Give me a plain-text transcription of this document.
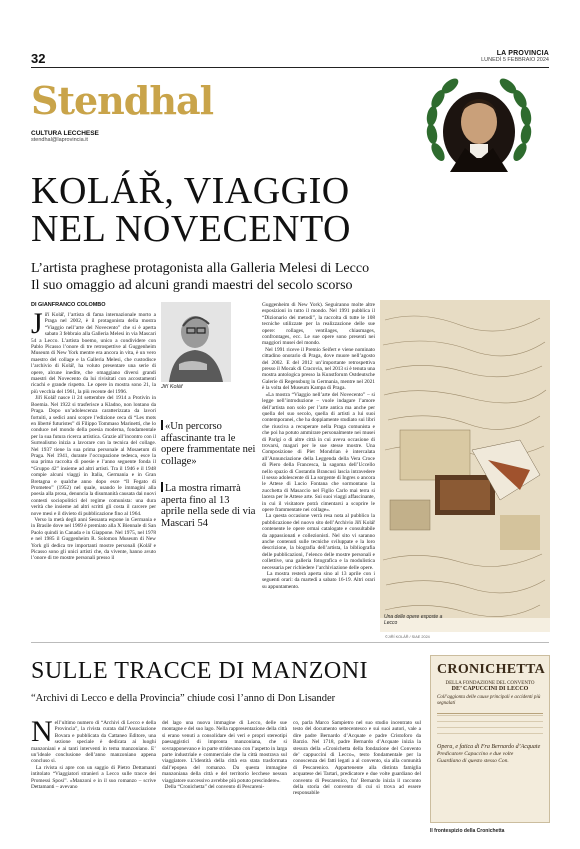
32	LA PROVINCIA
LUNEDÌ 5 FEBBRAIO 2024
Stendhal
CULTURA LECCHESE
stendhal@laprovincia.it
KOLÁŘ, VIAGGIO
NEL NOVECENTO
L’artista praghese protagonista alla Galleria Melesi di Lecco
Il suo omaggio ad alcuni grandi maestri del secolo scorso
DI GIANFRANCO COLOMBO
J iří Kolář, l’artista di fama internazionale morto a Praga nel 2002, è il protagonista della mostra “Viaggio nell’arte del Novecento” che si è aperta sabato 3 febbraio alla Galleria Melesi in via Mascari 54 a Lecco. L’artista boemo, unico a condividere con Pablo Picasso l’onore di tre retrospettive al Guggenheim Museum di New York mentre era ancora in vita, è un vero maestro del collage e la Galleria Melesi, che custodisce l’archivio di Kolář, ha voluto presentare una serie di opere, alcune inedite, che omaggiano diversi grandi maestri del Novecento da lui rivisitati con accostamenti ricachi e grande rispetto. Le opere in mostra sono 21, la più vecchia del 1961, la più recente del 1996.
Jiří Kolář nasce il 24 settembre del 1914 a Protivín in Boemia. Nel 1922 si trasferisce a Kladno, non lontano da Praga. Dopo un’adolescenza caratterizzata da lavori fortuiti, a sedici anni scopre l’edizione ceca di “Les mots en liberté futuristes” di Filippo Tommaso Marinetti, che lo conduce nel mondo della poesia moderna, fondamentale per la sua futura ricerca artistica. Grazie all’incontro con il Surrealismo inizia a lavorare con la tecnica del collage. Nel 1937 tiene la sua prima personale al Mosaetum di Praga. Nel 1941, durante l’occupazione tedesca, esce la sua prima raccolta di poesie e l’anno seguente fonda il “Gruppo 42” insieme ad altri artisti. Tra il 1946 e il 1948 compie alcuni viaggi in Italia, Germania e in Gran Bretagna e qualche anno dopo esce “Il Fegato di Prometeo” (1952) nel quale, usando le immagini alla poesia alla prosa, denuncia la disumanità causata dai nuovi contesti sociopolitici del regime comunista: una dura verità che insieme ad altri scritti gli costa il carcere per nove mesi e il divieto di pubblicazione fino al 1964.
Verso la metà degli anni Sessanta espone in Germania e in Brasile dove nel 1969 è premiato alla X Biennale di San Paolo quindi in Canada e in Giappone. Nel 1975, nel 1978 e nel 1985 il Guggenheim R. Solomon Museum di New York gli dedica tre importanti mostre personali (Kolář e Picasso sono gli unici artisti che, da vivente, hanno avuto l’onore di tre mostre personali presso il
Jiří Kolář
«Un percorso affascinante tra le opere frammentate nei collage»
La mostra rimarrà aperta fino al 13 aprile nella sede di via Mascari 54
Guggenheim di New York). Seguiranno molte altre esposizioni in tutto il mondo. Nel 1991 pubblica il “Dizionario dei metodi”, la raccolta di tutte le 108 tecniche utilizzate per la realizzazione delle sue opere: rollages, ventilages, chiasmages, confrontages, ecc. Le sue opere sono presenti nei maggiori musei del mondo.
Nel 1991 riceve il Premio Seifert e viene nominato cittadino onorario di Praga, dove muore nell’agosto del 2002. E del 2012 un’importante retrospettiva presso il Mocak di Cracovia, nel 2013 si è tenuta una mostra antologica presso la Kunstforum Ostdeutsche Galerie di Regensburg in Germania, mentre nel 2021 è la volta del Museum Kampa di Praga.
«La mostra “Viaggio nell’arte del Novecento” – si legge nell’introduzione – vuole indagare l’amore dell’artista non solo per l’arte antica ma anche per quella del suo secolo, quella di artisti a lui suoi contemporanei, che ha doppiamente studiato sui libri che riusciva a recuperare nella Praga comunista e che poi ha potuto ammirare personalmente nei musei di Parigi o di altre città in cui aveva occasione di trovarsi, magari per le sue stesse mostre. Una Composizione di Piet Mondrian è intercalata all’Annunciazione della Leggenda della Vera Croce di Piero della Francesca, la sagoma dell’Uccello nello spazio di Costantin Brancusi lascia intravedere il sesso adolescente di La sorgente di Ingres o ancora le Attese di Lucio Fontana che sormontano la zucchetta di Masaccio nel Figlio Carlo mai terra si lacera per le Attese arte. Sui suoi viaggi affascinante, in cui il visitatore potrà cimentarsi a scoprire le opere frammentate nei collage».
La questa occasione verrà resa nota al pubblico la pubblicazione del nuovo sito dell’Archivio Jiří Kolář contenente le opere ormai catalogate e consultabile da appassionati e collezionisti. Nel sito vi saranno anche contenuti sulle tecniche sviluppate e la loro descrizione, la biografia dell’artista, la bibliografia delle pubblicazioni, l’elenco delle mostre personali e collettive, una galleria fotografica e la modulistica necessaria per richiedere l’archiviazione delle opere.
La mostra resterà aperta sino al 13 aprile con i seguenti orari: da martedì a sabato 16-19. Altri orari su appuntamento.
Una delle opere esposte a Lecco
©JIŘÍ KOLÁŘ / SIAE 2024
SULLE TRACCE DI MANZONI
“Archivi di Lecco e della Provincia” chiude così l’anno di Don Lisander
N ell’ultimo numero di “Archivi di Lecco e della Provincia”, la rivista curata dall’Associazione Bovara e pubblicata da Cattaneo Editore, una sezione speciale è dedicata ai luoghi manzoniani e ai tanti interventi in tema manzoniano. E’ un’ideale conclusione dell’anno manzoniano appena concluso si.
La rivista si apre con un saggio di Pietro Dettamanti intitolato “Viaggiatori stranieri a Lecco sulle tracce dei Promessi Sposi”. «Manzoni e in il suo romanzo – scrive Dettamanti – avevano
del lago una nuova immagine di Lecco, delle sue montagne e del suo lago. Nella rappresentazione della città si erano venuti a consolidare dei veri e propri stereotipi paesaggistici di impronta manzoniana, che si sovrapponevano e in parte stridevano con l’aspetto in larga parte industriale e commerciale che la città mostrava sul viaggiatore. L’identità della città era stata trasformata dall’epopea del romanzo. Da questa immagine manzoniana della città e del territorio lecchese nessun viaggiatore successivo avrebbe più potuto prescindere».
Della “Cronichetta” del convento di Pescareni-
co, parla Marco Sampietro nel suo studio incentrato sul testo del documento settecentesco e sui suoi autori, vale a dire padre Bernardo d’Acquate e padre Cristoforo da Barzio. Nel 1718, padre Bernardo d’Acquate inizia la stesura della «Cronichetta della fondazione del Convento de’ cappuccini di Lecco», testo fondamentale per la conoscenza dei fatti legati a al convento, sia alla comunità di Pescarenico. Appartenente alla distinta famiglia acquatese dei Tartari, predicatore e due volte guardiano del convento di Pescarenico, fra’ Bernardo inizia il racconto della storia del convento di cui si trova ad essere responsabile
CRONICHETTA
DELLA FONDAZIONE DEL CONVENTO
DE’ CAPUCCINI DI LECCO
Coll’aggionta delle cause principali e accidenti più segnalati
Opera, e fatica di Fra Bernardo d’Acquate
Predicatore Capuccino e due volte
Guardiano di questo stesso Con.
Il frontespizio della Cronichetta
